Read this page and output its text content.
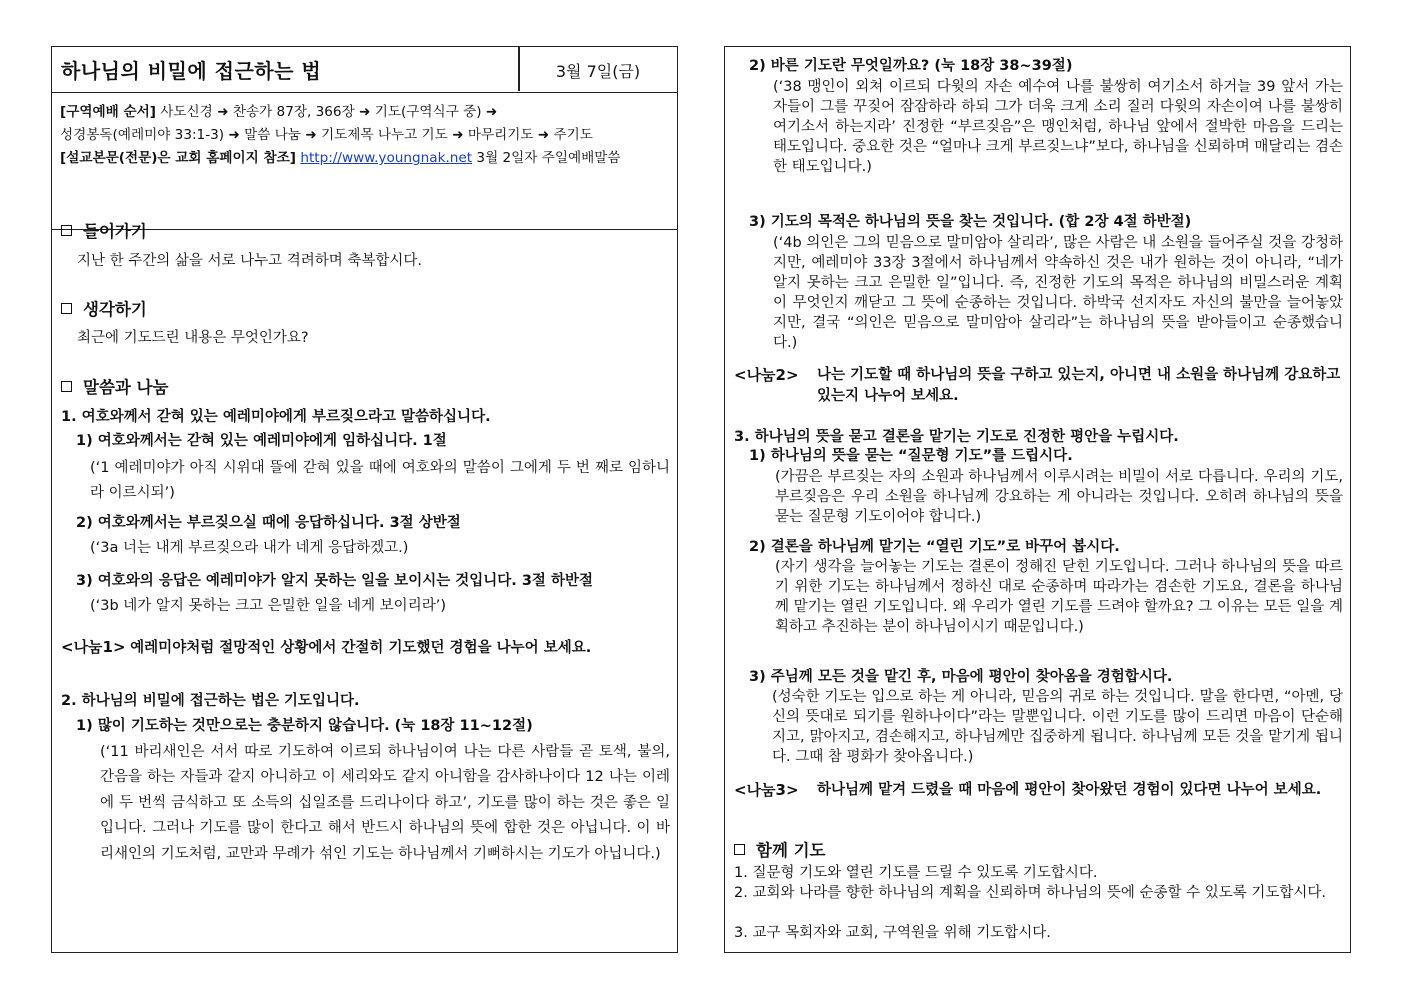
하나님의 비밀에 접근하는 법	3월 7일(금)
[구역예배 순서] 사도신경 ➜ 찬송가 87장, 366장 ➜ 기도(구역식구 중) ➜
성경봉독(예레미야 33:1-3) ➜ 말씀 나눔 ➜ 기도제목 나누고 기도 ➜ 마무리기도 ➜ 주기도
[설교본문(전문)은 교회 홈페이지 참조] http://www.youngnak.net 3월 2일자 주일예배말씀
들어가기
지난 한 주간의 삶을 서로 나누고 격려하며 축복합시다.
생각하기
최근에 기도드린 내용은 무엇인가요?
말씀과 나눔
1. 여호와께서 갇혀 있는 예레미야에게 부르짖으라고 말씀하십니다.
1) 여호와께서는 갇혀 있는 예레미야에게 임하십니다. 1절
(‘1 예레미야가 아직 시위대 뜰에 갇혀 있을 때에 여호와의 말씀이 그에게 두 번 째로 임하니라 이르시되’)
2) 여호와께서는 부르짖으실 때에 응답하십니다. 3절 상반절
(‘3a 너는 내게 부르짖으라 내가 네게 응답하겠고.)
3) 여호와의 응답은 예레미야가 알지 못하는 일을 보이시는 것입니다. 3절 하반절
(‘3b 네가 알지 못하는 크고 은밀한 일을 네게 보이리라’)
<나눔1> 예레미야처럼 절망적인 상황에서 간절히 기도했던 경험을 나누어 보세요.
2. 하나님의 비밀에 접근하는 법은 기도입니다.
1) 많이 기도하는 것만으로는 충분하지 않습니다. (눅 18장 11~12절)
(‘11 바리새인은 서서 따로 기도하여 이르되 하나님이여 나는 다른 사람들 곧 토색, 불의, 간음을 하는 자들과 같지 아니하고 이 세리와도 같지 아니함을 감사하나이다 12 나는 이레에 두 번씩 금식하고 또 소득의 십일조를 드리나이다 하고’, 기도를 많이 하는 것은 좋은 일입니다. 그러나 기도를 많이 한다고 해서 반드시 하나님의 뜻에 합한 것은 아닙니다. 이 바리새인의 기도처럼, 교만과 무례가 섞인 기도는 하나님께서 기뻐하시는 기도가 아닙니다.)
2) 바른 기도란 무엇일까요? (눅 18장 38~39절)
(‘38 맹인이 외쳐 이르되 다윗의 자손 예수여 나를 불쌍히 여기소서 하거늘 39 앞서 가는 자들이 그를 꾸짖어 잠잠하라 하되 그가 더욱 크게 소리 질러 다윗의 자손이여 나를 불쌍히 여기소서 하는지라’ 진정한 “부르짖음”은 맹인처럼, 하나님 앞에서 절박한 마음을 드리는 태도입니다. 중요한 것은 “얼마나 크게 부르짖느냐”보다, 하나님을 신뢰하며 매달리는 겸손한 태도입니다.)
3) 기도의 목적은 하나님의 뜻을 찾는 것입니다. (합 2장 4절 하반절)
(‘4b 의인은 그의 믿음으로 말미암아 살리라’, 많은 사람은 내 소원을 들어주실 것을 강청하지만, 예레미야 33장 3절에서 하나님께서 약속하신 것은 내가 원하는 것이 아니라, “네가 알지 못하는 크고 은밀한 일”입니다. 즉, 진정한 기도의 목적은 하나님의 비밀스러운 계획이 무엇인지 깨닫고 그 뜻에 순종하는 것입니다. 하박국 선지자도 자신의 불만을 늘어놓았지만, 결국 “의인은 믿음으로 말미암아 살리라”는 하나님의 뜻을 받아들이고 순종했습니다.)
<나눔2>	나는 기도할 때 하나님의 뜻을 구하고 있는지, 아니면 내 소원을 하나님께 강요하고 있는지 나누어 보세요.
3. 하나님의 뜻을 묻고 결론을 맡기는 기도로 진정한 평안을 누립시다.
1) 하나님의 뜻을 묻는 “질문형 기도”를 드립시다.
(가끔은 부르짖는 자의 소원과 하나님께서 이루시려는 비밀이 서로 다릅니다. 우리의 기도, 부르짖음은 우리 소원을 하나님께 강요하는 게 아니라는 것입니다. 오히려 하나님의 뜻을 묻는 질문형 기도이어야 합니다.)
2) 결론을 하나님께 맡기는 “열린 기도”로 바꾸어 봅시다.
(자기 생각을 늘어놓는 기도는 결론이 정해진 닫힌 기도입니다. 그러나 하나님의 뜻을 따르기 위한 기도는 하나님께서 정하신 대로 순종하며 따라가는 겸손한 기도요, 결론을 하나님께 맡기는 열린 기도입니다. 왜 우리가 열린 기도를 드려야 할까요? 그 이유는 모든 일을 계획하고 추진하는 분이 하나님이시기 때문입니다.)
3) 주님께 모든 것을 맡긴 후, 마음에 평안이 찾아옴을 경험합시다.
(성숙한 기도는 입으로 하는 게 아니라, 믿음의 귀로 하는 것입니다. 말을 한다면, “아멘, 당신의 뜻대로 되기를 원하나이다”라는 말뿐입니다. 이런 기도를 많이 드리면 마음이 단순해지고, 맑아지고, 겸손해지고, 하나님께만 집중하게 됩니다. 하나님께 모든 것을 맡기게 됩니다. 그때 참 평화가 찾아옵니다.)
<나눔3>	하나님께 맡겨 드렸을 때 마음에 평안이 찾아왔던 경험이 있다면 나누어 보세요.
함께 기도
1. 질문형 기도와 열린 기도를 드릴 수 있도록 기도합시다.
2. 교회와 나라를 향한 하나님의 계획을 신뢰하며 하나님의 뜻에 순종할 수 있도록 기도합시다.
3. 교구 목회자와 교회, 구역원을 위해 기도합시다.
